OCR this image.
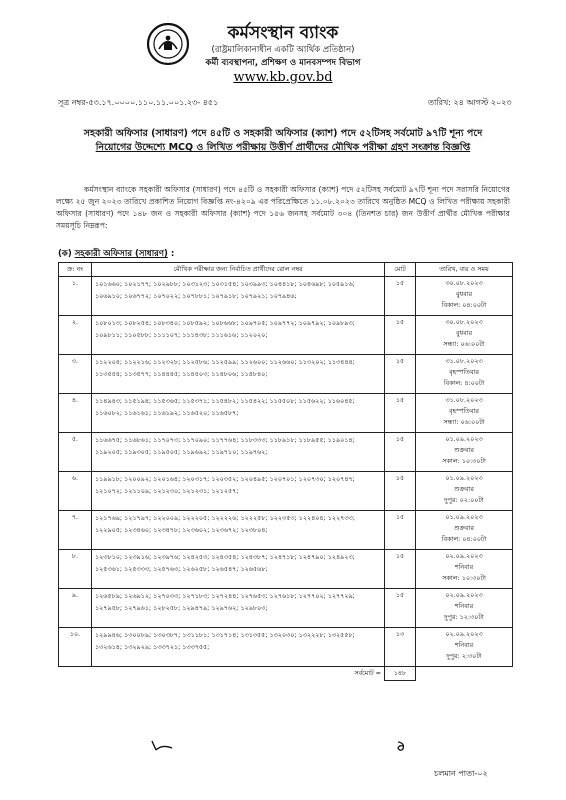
কর্মসংস্থান ব্যাংক
(রাষ্ট্রমালিকানাধীন একটি আর্থিক প্রতিষ্ঠান)
কর্মী ব্যবস্থাপনা, প্রশিক্ষণ ও মানবসম্পদ বিভাগ
www.kb.gov.bd
সূত্র নম্বর-৫৩.১৭.০০০০.১১০.১১.০০১.২৩- ৪৫১	তারিখ: ২৪ আগস্ট ২০২৩
সহকারী অফিসার (সাধারণ) পদে ৪৫টি ও সহকারী অফিসার (ক্যাশ) পদে ৫২টিসহ সর্বমোট ৯৭টি শূন্য পদে
নিয়োগের উদ্দেশ্যে MCQ ও লিখিত পরীক্ষায় উত্তীর্ণ প্রার্থীদের মৌখিক পরীক্ষা গ্রহণ সংক্রান্ত বিজ্ঞপ্তি
কর্মসংস্থান ব্যাংকে সহকারী অফিসার (সাধারণ) পদে ৪৫টি ও সহকারী অফিসার (ক্যাশ) পদে ৫২টিসহ সর্বমোট ৯৭টি শূন্য পদে সরাসরি নিয়োগের লক্ষ্যে ২৫ জুন ২০২৩ তারিখে প্রকাশিত নিয়োগ বিজ্ঞপ্তি নং-৪২০৯ এর পরিপ্রেক্ষিতে ১১.০৮.২০২৩ তারিখে অনুষ্ঠিত MCQ ও লিখিত পরীক্ষায় সহকারী অফিসার (সাধারণ) পদে ১৪৮ জন ও সহকারী অফিসার (ক্যাশ) পদে ১৫৬ জনসহ সর্বমোট ৩০৪ (তিনশত চার) জন উত্তীর্ণ প্রার্থীর মৌখিক পরীক্ষার সময়সূচি নিম্নরূপ:
(ক) সহকারী অফিসার (সাধারণ) :
ক্র: নং	মৌখিক পরীক্ষার জন্য নির্বাচিত প্রার্থীদের রোল নম্বর	মোট	তারিখ, বার ও সময়
১.	১০১৬৬০; ১০২১৭৭; ১০২৯৮৮; ১০৩১২৩; ১০৩১৫৪; ১০৩৯৯৩; ১০৪৪১৮; ১০৪৬৯৮; ১০৫৯১৬; ১০৬৯১০; ১০৬৭৭২; ১০৭০২২; ১০৭৮৮১; ১০৭৯১৮; ১০৭৯২১; ১০৭৯৪৬;	১৫	৩০.০৮.২০২৩
বুধবার
বিকাল: ০৪:০০টা

২.	১০৮০১৩; ১০৮২৫৪; ১০৮৩৪০; ১০৮৫৯২; ১০৮৬৬৮; ১০৯৭০৫; ১০৯৭৭২; ১০৯৭৯২; ১০৯৮৯৩; ১০৯৮১১; ১১০৫৮৮; ১১১১০৭; ১১১৪৩৮; ১১১৬১৬; ১১২০২০;	১৫	৩০.০৮.২০২৩
বুধবার
সন্ধ্যা: ০৬:০০টা

৩.	১১২২০৪; ১১২২১৬; ১১২৩২৮; ১১২৫৮৬; ১১২৫৯৯; ১১২৬০০; ১১২৬৬০; ১১৩২০২; ১১৩৪৪৪; ১১৩৫৫৪; ১১৩৫৭৭; ১১৪৪৪৫; ১১৪৫০৩; ১১৪৮০৬; ১১৪৮৪০;	১৫	৩১.০৮.২০২৩
বৃহস্পতিবার
বিকাল: ৪:০০টা

৪.	১১৪৯৪৩; ১১৫১৯৪; ১১৫৩৬৫; ১১৫৩৭১; ১১৫৪৮২; ১১৫৪২২; ১১৫৫০৮; ১১৫৬২২; ১১৬০৪৫; ১১৬০৮২; ১১৬১৬১; ১১৬১৯২; ১১৬৫২০; ১১৬৫৮৭;	১৫	৩১.০৮.২০২৩
বৃহস্পতিবার
সন্ধ্যা: ০৬:০০টা

৫.	১১৬৬৭৫; ১১৬৮৬১; ১১৭০৭৩; ১১৭০৯০; ১১৭৭৬৪; ১১৮৩৩৩; ১১৮৯১৮; ১১৮৯৫৫; ১১৯০১৪; ১১৯২০৫; ১১৯৩০৫; ১১৯৫০৫; ১১৯৬৯২; ১১৯৭১০; ১১৯৭৬২;	১৫	০১.০৯.২০২৩
শুক্রবার
সকাল: ১০:৩০টা

৬.	১১৯৯১৮; ১২০০৯২; ১২০১৬৪; ১২০৩১৭; ১২০৩৫২; ১২০৪৯৫; ১২০৭০১; ১২০৭৩০; ১২০৭৪৭; ১২১০৭২; ১২১১০৯; ১২১২৩০; ১২১২৩১; ১২১২৫৭;	১৫	০১.০৯.২০২৩
শুক্রবার
দুপুর: ০২:০০টা

৭.	১২১৭৬৯; ১২১৭৯৭; ১২২০০৯; ১২২২০৫; ১২২২২৬; ১২২২৫৮; ১২২৩৫৩; ১২২৪০৪; ১২২৭৩৩; ১২২৯০৫; ১২৩৪৬০; ১২৩৪৭৮; ১২৩৬০২; ১২৩৬৭২; ১২৩৮০৪;	১৫	০১.০৯.২০২৩
শুক্রবার
বিকাল: ০৪:০০টা

৮.	১২৩৮১০; ১২৩৯১৬; ১২৩৯৭৬; ১২৪২৫৩; ১২৪৩৫৪; ১২৪৩৮৭; ১২৪৭১৮; ১২৪৭৯০; ১২৪৯২৩; ১২৫৩৬১; ১২৫৩৩৩; ১২৫৭৬৩; ১২৬২৫৮; ১২৬৫৪৭; ১২৬৫৬৮;	১৫	০২.০৯.২০২৩
শনিবার
সকাল: ১০:৩০টা

৯.	১২৬৫৮৯; ১২৬৯১২; ১২৭০৩৩; ১২৭১৮৩; ১২৭২৪৪; ১২৭৬৫৩; ১২৭৬১৮; ১২৭৭০২; ১২৭৭২৯; ১২৭৯৫৮; ১২৭৯৬১; ১২৮২৫৮; ১২৯৪৭৯; ১২৯৭৬২; ১২৯৮০৩;	১৫	০২.০৯.২০২৩
শনিবার
দুপুর: ১২:৩০টা

১০.	১২৯৯৪৬; ১৩০০৮৯; ১৩০৩৮৭; ১৩১১৮১; ১৩১৭১৪; ১৩১৩৫৫; ১৩২০৩০; ১৩২২২৮; ১৩২৫৫৮; ১৩২৬১৪; ১৩২৯২৯; ১৩৩৭২১; ১৩৩৭৫৫;	১৩	০২.০৯.২০২৩
শনিবার
দুপুর: ২:৩০টা

	সর্বমোট =	১৪৮	
চলমান পাতা-০২
